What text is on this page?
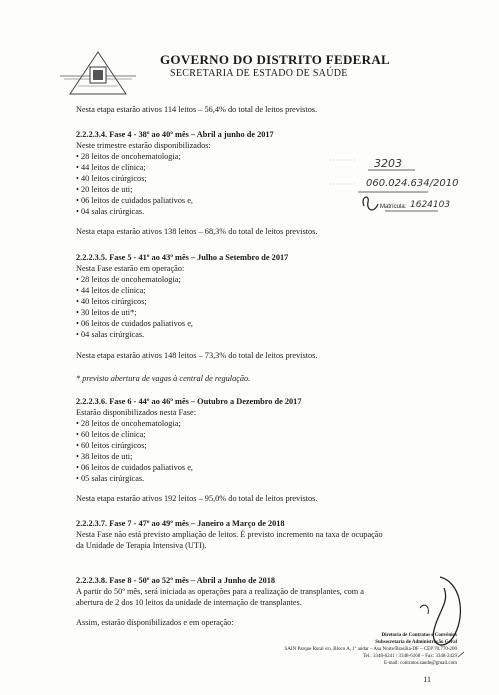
GOVERNO DO DISTRITO FEDERAL
SECRETARIA DE ESTADO DE SAÚDE
Nesta etapa estarão ativos 114 leitos – 56,4% do total de leitos previstos.
2.2.2.3.4. Fase 4 - 38º ao 40º mês – Abril a junho de 2017
Neste trimestre estarão disponibilizados:
• 28 leitos de oncohematologia;
• 44 leitos de clínica;
• 40 leitos cirúrgicos;
• 20 leitos de uti;
• 06 leitos de cuidados paliativos e,
• 04 salas cirúrgicas.
Nesta etapa estarão ativos 138 leitos – 68,3% do total de leitos previstos.
3203
060.024.634/2010
Matrícula: 1624103
2.2.2.3.5. Fase 5 - 41º ao 43º mês – Julho a Setembro de 2017
Nesta Fase estarão em operação:
• 28 leitos de oncohematologia;
• 44 leitos de clínica;
• 40 leitos cirúrgicos;
• 30 leitos de uti*;
• 06 leitos de cuidados paliativos e,
• 04 salas cirúrgicas.
Nesta etapa estarão ativos 148 leitos – 73,3% do total de leitos previstos.
* previsto abertura de vagas à central de regulação.
2.2.2.3.6. Fase 6 - 44º ao 46º mês – Outubro a Dezembro de 2017
Estarão disponibilizados nesta Fase:
• 28 leitos de oncohematologia;
• 60 leitos de clínica;
• 60 leitos cirúrgicos;
• 38 leitos de uti;
• 06 leitos de cuidados paliativos e,
• 05 salas cirúrgicas.
Nesta etapa estarão ativos 192 leitos – 95,0% do total de leitos previstos.
2.2.2.3.7. Fase 7 - 47º ao 49º mês – Janeiro a Março de 2018
Nesta Fase não está previsto ampliação de leitos. É previsto incremento na taxa de ocupação
da Unidade de Terapia Intensiva (UTI).
2.2.2.3.8. Fase 8 - 50º ao 52º mês – Abril a Junho de 2018
A partir do 50º mês, será iniciada as operações para a realização de transplantes, com a
abertura de 2 dos 10 leitos da unidade de internação de transplantes.
Assim, estarão disponibilizados e em operação:
Diretoria de Contratos e Convênios
Subsecretaria de Administração Geral
SAIN Parque Rural s/n. Bloco A, 1º andar – Asa Norte/Brasília-DF – CEP 70.770-200
Tel.: 3348-6241 / 3348-6168 – Fax: 3348-2429
E-mail: contratos.saude@gmail.com
11
